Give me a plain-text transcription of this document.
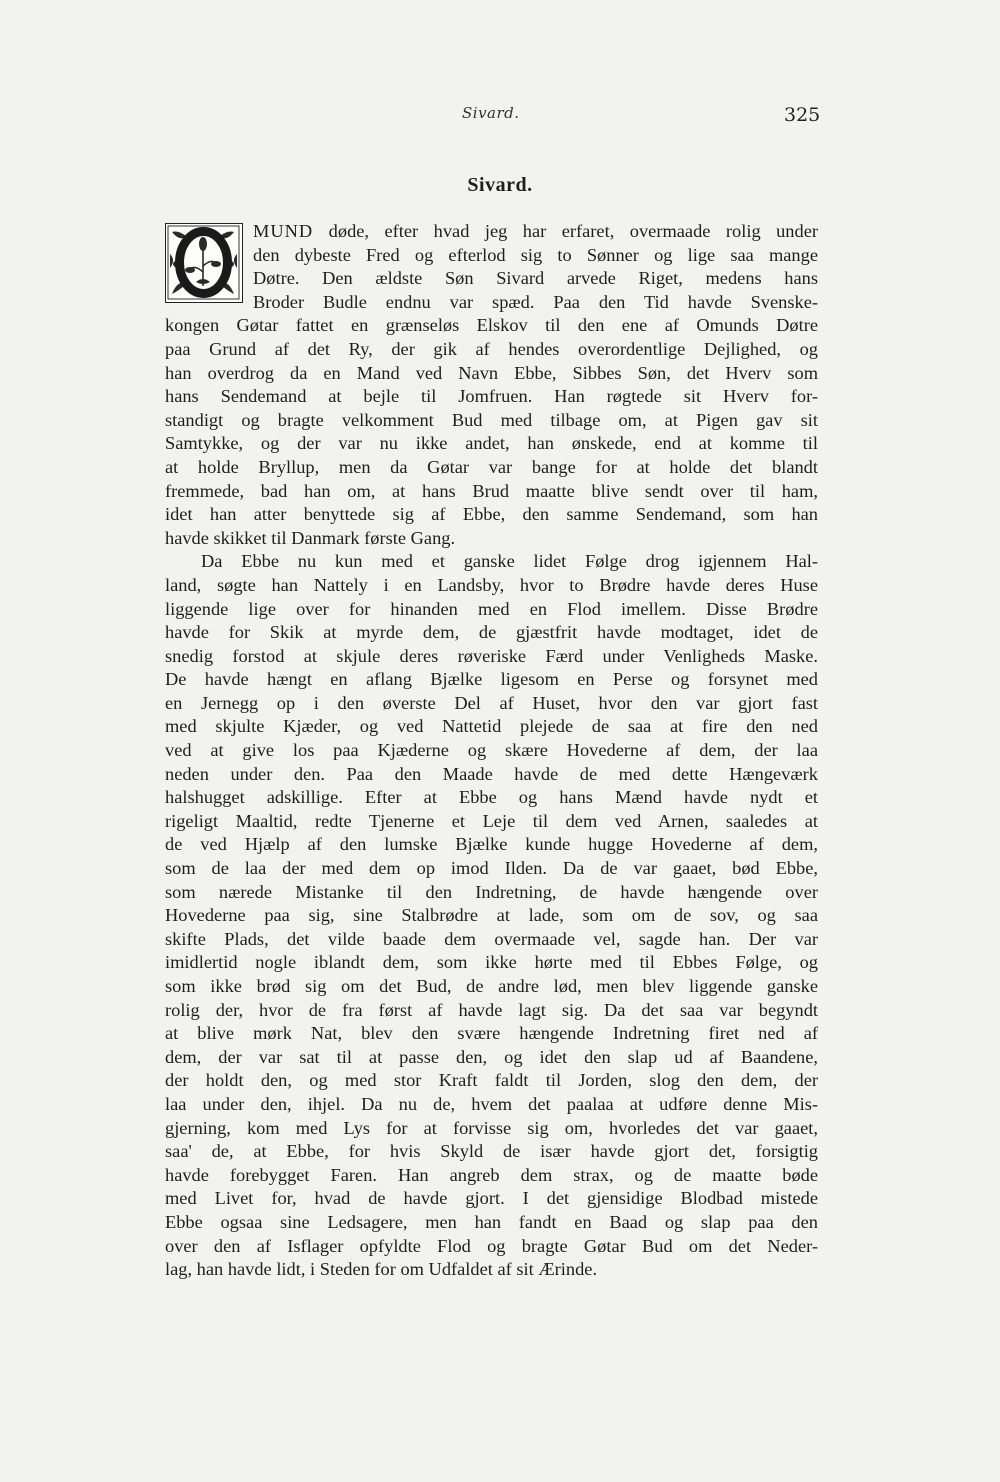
Sivard.	325
Sivard.
MUND døde, efter hvad jeg har erfaret, overmaade rolig under
den dybeste Fred og efterlod sig to Sønner og lige saa mange
Døtre. Den ældste Søn Sivard arvede Riget, medens hans
Broder Budle endnu var spæd. Paa den Tid havde Svenske-
kongen Gøtar fattet en grænseløs Elskov til den ene af Omunds Døtre
paa Grund af det Ry, der gik af hendes overordentlige Dejlighed, og
han overdrog da en Mand ved Navn Ebbe, Sibbes Søn, det Hverv som
hans Sendemand at bejle til Jomfruen. Han røgtede sit Hverv for-
standigt og bragte velkomment Bud med tilbage om, at Pigen gav sit
Samtykke, og der var nu ikke andet, han ønskede, end at komme til
at holde Bryllup, men da Gøtar var bange for at holde det blandt
fremmede, bad han om, at hans Brud maatte blive sendt over til ham,
idet han atter benyttede sig af Ebbe, den samme Sendemand, som han
havde skikket til Danmark første Gang.
Da Ebbe nu kun med et ganske lidet Følge drog igjennem Hal-
land, søgte han Nattely i en Landsby, hvor to Brødre havde deres Huse
liggende lige over for hinanden med en Flod imellem. Disse Brødre
havde for Skik at myrde dem, de gjæstfrit havde modtaget, idet de
snedig forstod at skjule deres røveriske Færd under Venligheds Maske.
De havde hængt en aflang Bjælke ligesom en Perse og forsynet med
en Jernegg op i den øverste Del af Huset, hvor den var gjort fast
med skjulte Kjæder, og ved Nattetid plejede de saa at fire den ned
ved at give los paa Kjæderne og skære Hovederne af dem, der laa
neden under den. Paa den Maade havde de med dette Hængeværk
halshugget adskillige. Efter at Ebbe og hans Mænd havde nydt et
rigeligt Maaltid, redte Tjenerne et Leje til dem ved Arnen, saaledes at
de ved Hjælp af den lumske Bjælke kunde hugge Hovederne af dem,
som de laa der med dem op imod Ilden. Da de var gaaet, bød Ebbe,
som nærede Mistanke til den Indretning, de havde hængende over
Hovederne paa sig, sine Stalbrødre at lade, som om de sov, og saa
skifte Plads, det vilde baade dem overmaade vel, sagde han. Der var
imidlertid nogle iblandt dem, som ikke hørte med til Ebbes Følge, og
som ikke brød sig om det Bud, de andre lød, men blev liggende ganske
rolig der, hvor de fra først af havde lagt sig. Da det saa var begyndt
at blive mørk Nat, blev den svære hængende Indretning firet ned af
dem, der var sat til at passe den, og idet den slap ud af Baandene,
der holdt den, og med stor Kraft faldt til Jorden, slog den dem, der
laa under den, ihjel. Da nu de, hvem det paalaa at udføre denne Mis-
gjerning, kom med Lys for at forvisse sig om, hvorledes det var gaaet,
saa' de, at Ebbe, for hvis Skyld de især havde gjort det, forsigtig
havde forebygget Faren. Han angreb dem strax, og de maatte bøde
med Livet for, hvad de havde gjort. I det gjensidige Blodbad mistede
Ebbe ogsaa sine Ledsagere, men han fandt en Baad og slap paa den
over den af Isflager opfyldte Flod og bragte Gøtar Bud om det Neder-
lag, han havde lidt, i Steden for om Udfaldet af sit Ærinde.
